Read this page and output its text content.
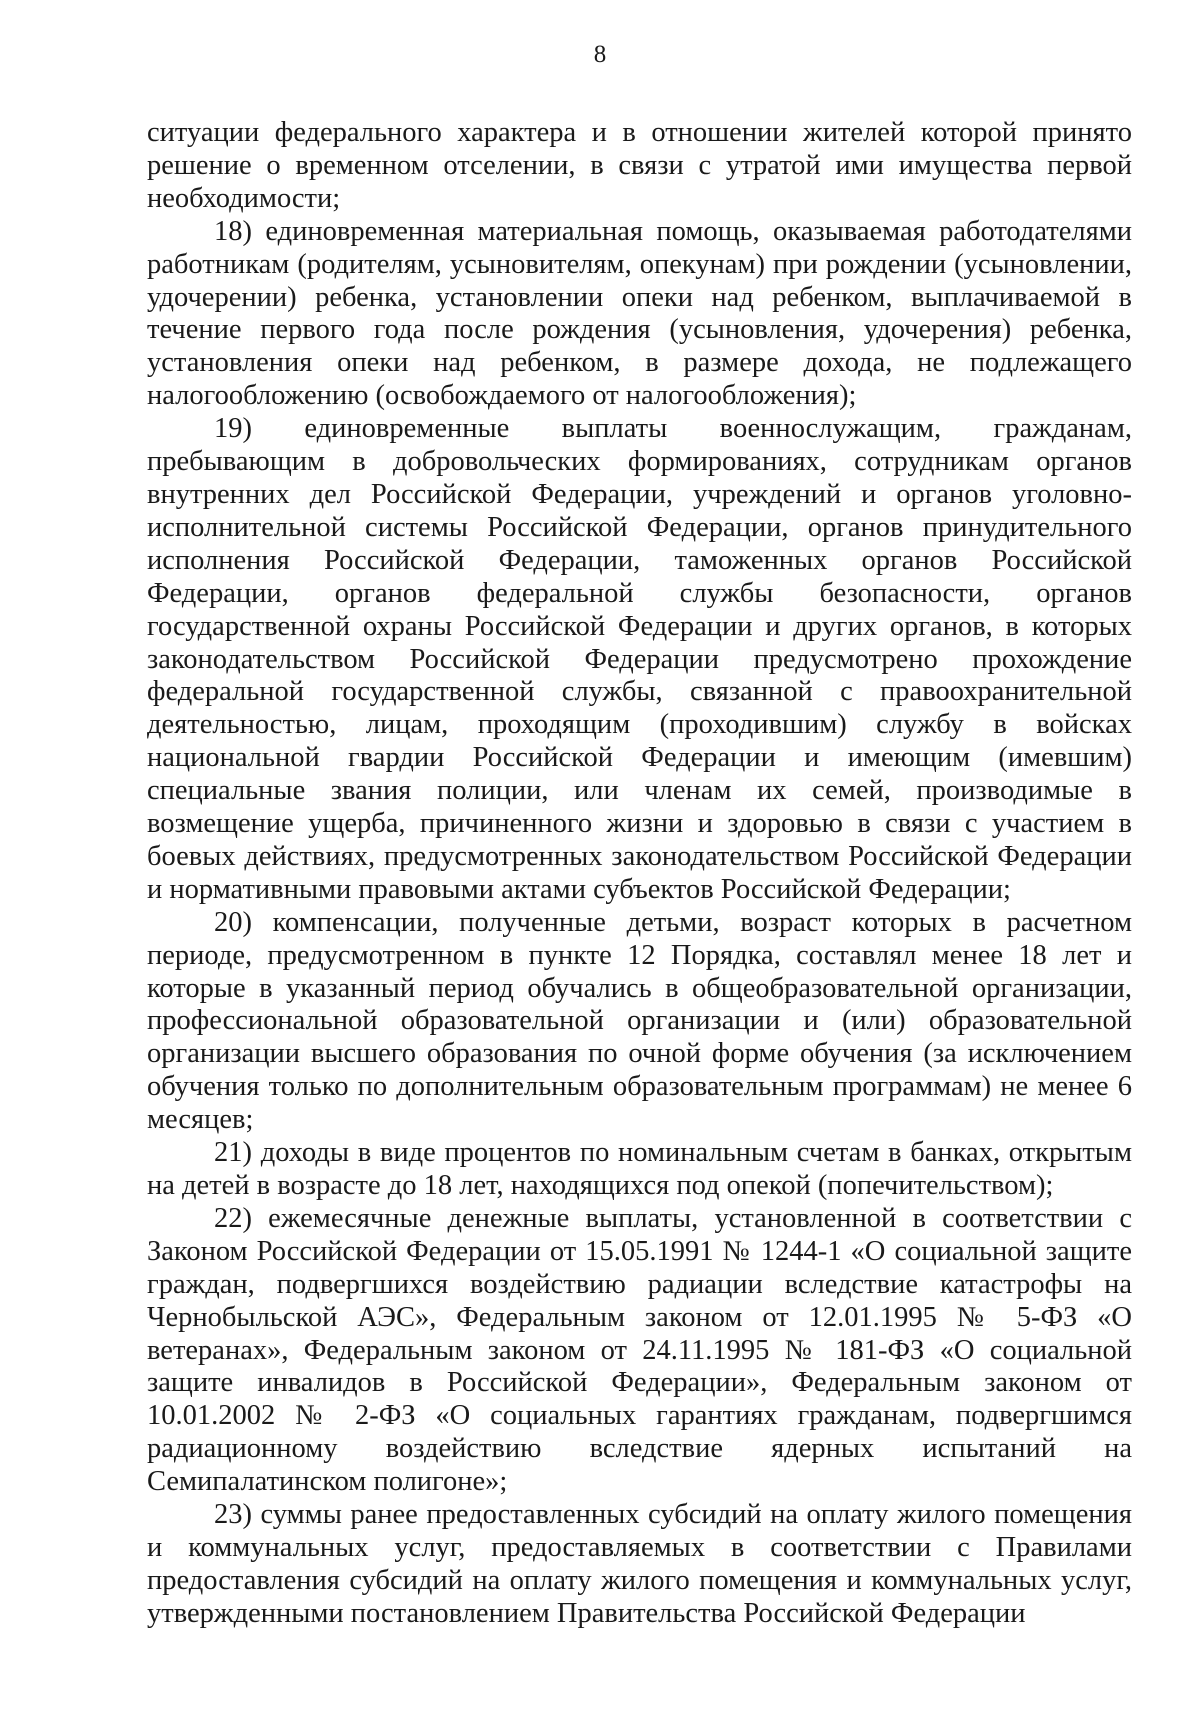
8

ситуации федерального характера и в отношении жителей которой принято решение о временном отселении, в связи с утратой ими имущества первой необходимости;

18) единовременная материальная помощь, оказываемая работодателями работникам (родителям, усыновителям, опекунам) при рождении (усыновлении, удочерении) ребенка, установлении опеки над ребенком, выплачиваемой в течение первого года после рождения (усыновления, удочерения) ребенка, установления опеки над ребенком, в размере дохода, не подлежащего налогообложению (освобождаемого от налогообложения);

19) единовременные выплаты военнослужащим, гражданам, пребывающим в добровольческих формированиях, сотрудникам органов внутренних дел Российской Федерации, учреждений и органов уголовно-исполнительной системы Российской Федерации, органов принудительного исполнения Российской Федерации, таможенных органов Российской Федерации, органов федеральной службы безопасности, органов государственной охраны Российской Федерации и других органов, в которых законодательством Российской Федерации предусмотрено прохождение федеральной государственной службы, связанной с правоохранительной деятельностью, лицам, проходящим (проходившим) службу в войсках национальной гвардии Российской Федерации и имеющим (имевшим) специальные звания полиции, или членам их семей, производимые в возмещение ущерба, причиненного жизни и здоровью в связи с участием в боевых действиях, предусмотренных законодательством Российской Федерации и нормативными правовыми актами субъектов Российской Федерации;

20) компенсации, полученные детьми, возраст которых в расчетном периоде, предусмотренном в пункте 12 Порядка, составлял менее 18 лет и которые в указанный период обучались в общеобразовательной организации, профессиональной образовательной организации и (или) образовательной организации высшего образования по очной форме обучения (за исключением обучения только по дополнительным образовательным программам) не менее 6 месяцев;

21) доходы в виде процентов по номинальным счетам в банках, открытым на детей в возрасте до 18 лет, находящихся под опекой (попечительством);

22) ежемесячные денежные выплаты, установленной в соответствии с Законом Российской Федерации от 15.05.1991 № 1244-1 «О социальной защите граждан, подвергшихся воздействию радиации вследствие катастрофы на Чернобыльской АЭС», Федеральным законом от 12.01.1995 № 5-ФЗ «О ветеранах», Федеральным законом от 24.11.1995 № 181-ФЗ «О социальной защите инвалидов в Российской Федерации», Федеральным законом от 10.01.2002 № 2-ФЗ «О социальных гарантиях гражданам, подвергшимся радиационному воздействию вследствие ядерных испытаний на Семипалатинском полигоне»;

23) суммы ранее предоставленных субсидий на оплату жилого помещения и коммунальных услуг, предоставляемых в соответствии с Правилами предоставления субсидий на оплату жилого помещения и коммунальных услуг, утвержденными постановлением Правительства Российской Федерации
